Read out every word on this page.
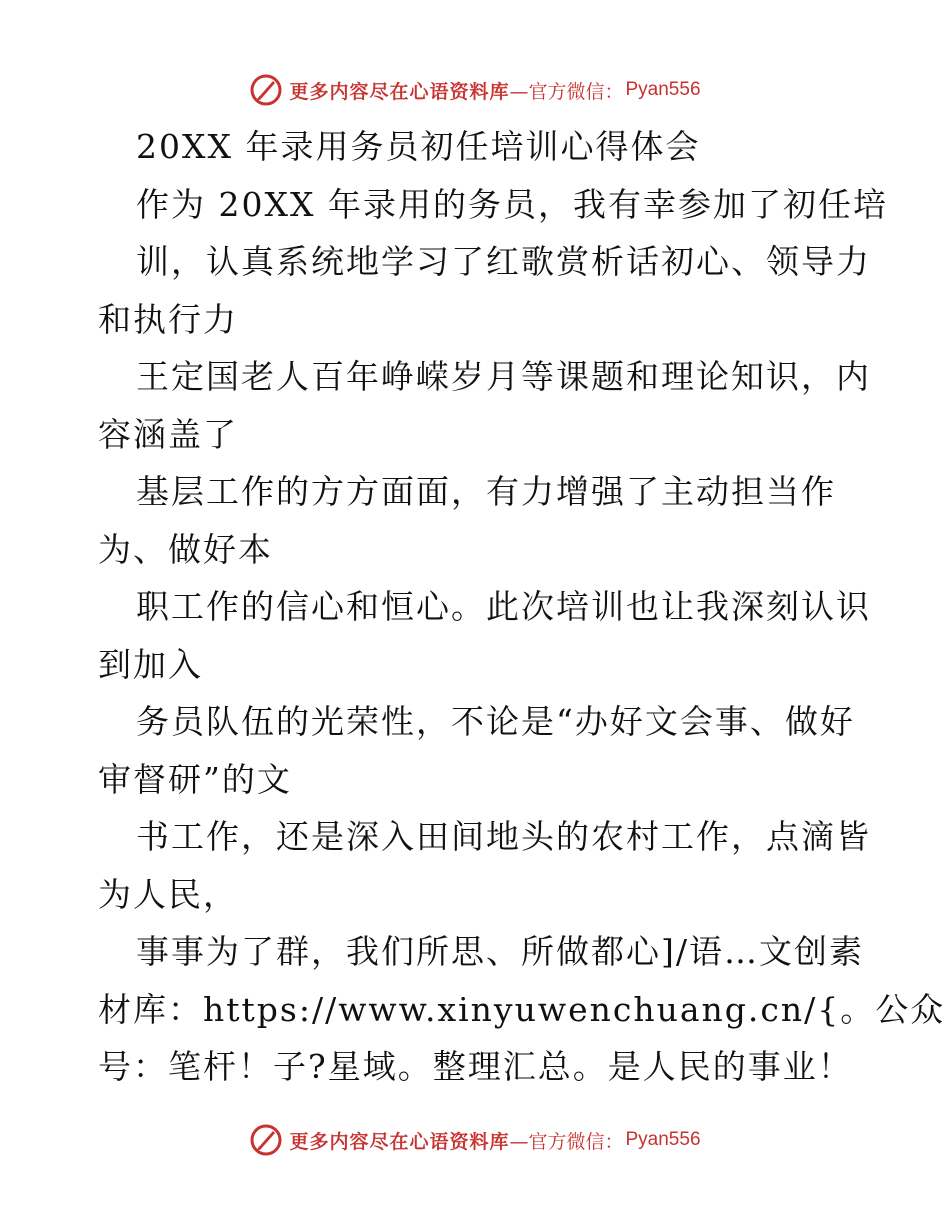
更多内容尽在心语资料库 —官方微信： Pyan556
20XX 年录用务员初任培训心得体会
作为 20XX 年录用的务员，我有幸参加了初任培
训，认真系统地学习了红歌赏析话初心、领导力
和执行力
王定国老人百年峥嵘岁月等课题和理论知识，内
容涵盖了
基层工作的方方面面，有力增强了主动担当作
为、做好本
职工作的信心和恒心。此次培训也让我深刻认识
到加入
务员队伍的光荣性，不论是“办好文会事、做好
审督研”的文
书工作，还是深入田间地头的农村工作，点滴皆
为人民，
事事为了群，我们所思、所做都心]/语…文创素
材库：https://www.xinyuwenchuang.cn/{。公众
号：笔杆！子?星域。整理汇总。是人民的事业！
更多内容尽在心语资料库 —官方微信： Pyan556
